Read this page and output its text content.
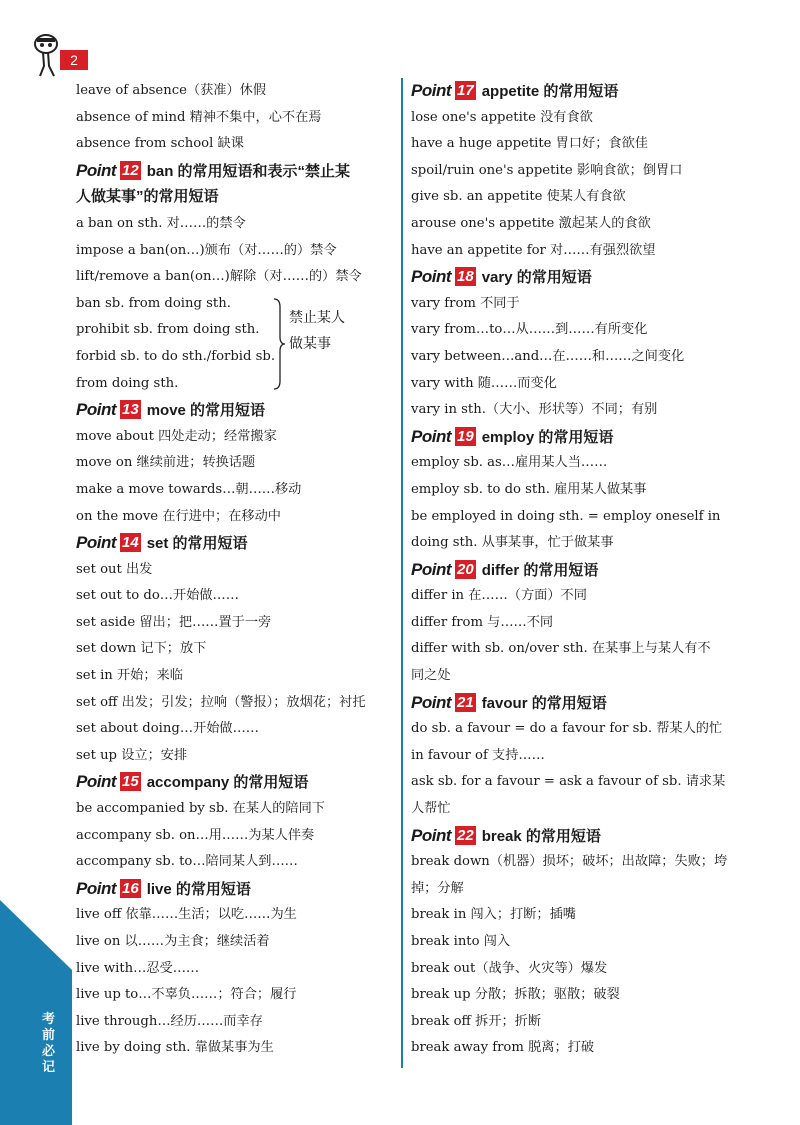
2
考前必记
leave of absence（获准）休假
absence of mind 精神不集中，心不在焉
absence from school 缺课
Point 12 ban 的常用短语和表示“禁止某
人做某事”的常用短语
a ban on sth. 对……的禁令
impose a ban(on…)颁布（对……的）禁令
lift/remove a ban(on…)解除（对……的）禁令
ban sb. from doing sth.
prohibit sb. from doing sth.
forbid sb. to do sth./forbid sb.
from doing sth.
禁止某人
做某事
Point 13 move 的常用短语
move about 四处走动；经常搬家
move on 继续前进；转换话题
make a move towards…朝……移动
on the move 在行进中；在移动中
Point 14 set 的常用短语
set out 出发
set out to do…开始做……
set aside 留出；把……置于一旁
set down 记下；放下
set in 开始；来临
set off 出发；引发；拉响（警报）；放烟花；衬托
set about doing…开始做……
set up 设立；安排
Point 15 accompany 的常用短语
be accompanied by sb. 在某人的陪同下
accompany sb. on…用……为某人伴奏
accompany sb. to…陪同某人到……
Point 16 live 的常用短语
live off 依靠……生活；以吃……为生
live on 以……为主食；继续活着
live with…忍受……
live up to…不辜负……；符合；履行
live through…经历……而幸存
live by doing sth. 靠做某事为生
Point 17 appetite 的常用短语
lose one's appetite 没有食欲
have a huge appetite 胃口好；食欲佳
spoil/ruin one's appetite 影响食欲；倒胃口
give sb. an appetite 使某人有食欲
arouse one's appetite 激起某人的食欲
have an appetite for 对……有强烈欲望
Point 18 vary 的常用短语
vary from 不同于
vary from…to…从……到……有所变化
vary between…and…在……和……之间变化
vary with 随……而变化
vary in sth.（大小、形状等）不同；有别
Point 19 employ 的常用短语
employ sb. as…雇用某人当……
employ sb. to do sth. 雇用某人做某事
be employed in doing sth. = employ oneself in
doing sth. 从事某事，忙于做某事
Point 20 differ 的常用短语
differ in 在……（方面）不同
differ from 与……不同
differ with sb. on/over sth. 在某事上与某人有不
同之处
Point 21 favour 的常用短语
do sb. a favour = do a favour for sb. 帮某人的忙
in favour of 支持……
ask sb. for a favour = ask a favour of sb. 请求某
人帮忙
Point 22 break 的常用短语
break down（机器）损坏；破坏；出故障；失败；垮
掉；分解
break in 闯入；打断；插嘴
break into 闯入
break out（战争、火灾等）爆发
break up 分散；拆散；驱散；破裂
break off 拆开；折断
break away from 脱离；打破
